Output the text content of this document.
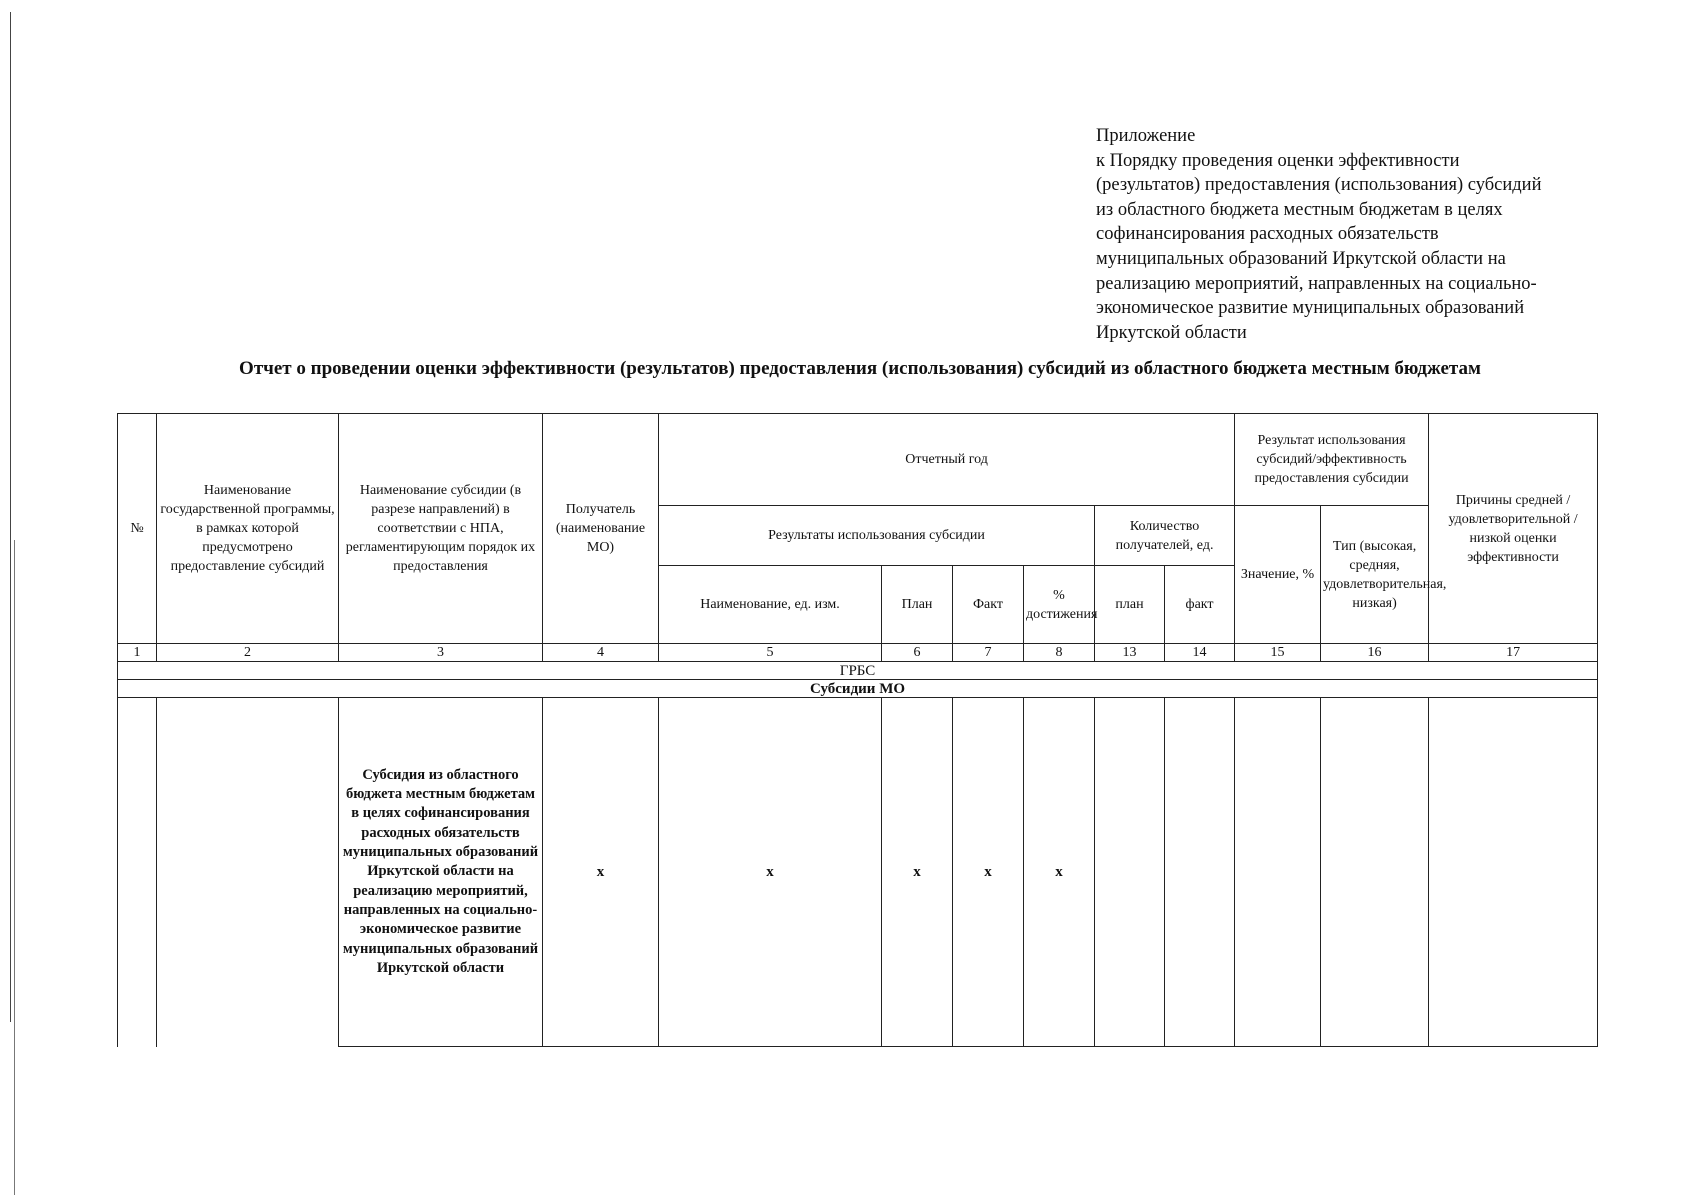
Приложение
к Порядку проведения оценки эффективности
(результатов) предоставления (использования) субсидий
из областного бюджета местным бюджетам в целях
софинансирования расходных обязательств
муниципальных образований Иркутской области на
реализацию мероприятий, направленных на социально-
экономическое развитие муниципальных образований
Иркутской области
Отчет о проведении оценки эффективности (результатов) предоставления (использования) субсидий из областного бюджета местным бюджетам
№	Наименование государственной программы, в рамках которой предусмотрено предоставление субсидий	Наименование субсидии (в разрезе направлений) в соответствии с НПА, регламентирующим порядок их предоставления	Получатель (наименование МО)	Отчетный год						Результат использования субсидий/эффективность предоставления субсидии		Причины средней / удовлетворительной / низкой оценки эффективности
				Результаты использования субсидии				Количество получателей, ед.		Значение, %	Тип (высокая, средняя, удовлетворительная, низкая)	
				Наименование, ед. изм.	План	Факт	% достижения	план	факт			
1	2	3	4	5	6	7	8	13	14	15	16	17
ГРБС												
Субсидии МО												
		Субсидия из областного бюджета местным бюджетам в целях софинансирования расходных обязательств муниципальных образований Иркутской области на реализацию мероприятий, направленных на социально-экономическое развитие муниципальных образований Иркутской области	х	х	х	х	х					
